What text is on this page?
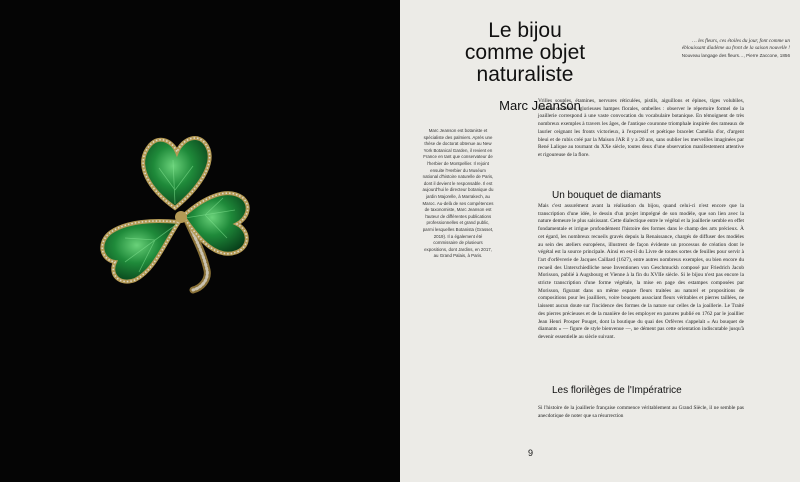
Le bijou comme objet naturaliste
Marc Jeanson
… les fleurs, ces étoiles du jour, font comme un éblouissant diadème au front de la saison nouvelle !
Nouveau langage des fleurs…, Pierre Zaccone, 1856
Marc Jeanson est botaniste et spécialiste des palmiers. Après une thèse de doctorat obtenue au New York Botanical Garden, il revient en France en tant que conservateur de l'herbier de Montpellier. Il rejoint ensuite l'Herbier du Muséum national d'histoire naturelle de Paris, dont il devient le responsable. Il est aujourd'hui le directeur botanique du jardin Majorelle, à Marrakech, au Maroc. Au-delà de ses compétences de taxonomiste, Marc Jeanson est l'auteur de différentes publications professionnelles et grand public, parmi lesquelles Botanista (Grasset, 2019). Il a également été commissaire de plusieurs expositions, dont Jardins, en 2017, au Grand Palais, à Paris.
Vrilles souples, étamines, nervures réticulées, pistils, aiguillons et épines, tiges volubiles, folioles dentelées, glorieuses hampes florales, ombelles : observer le répertoire formel de la joaillerie correspond à une vaste convocation du vocabulaire botanique. En témoignent de très nombreux exemples à travers les âges, de l'antique couronne triomphale inspirée des rameaux de laurier ceignant les fronts victorieux, à l'expressif et poétique bracelet Camélia d'or, d'argent bleui et de rubis créé par la Maison JAR il y a 20 ans, sans oublier les merveilles imaginées par René Lalique au tournant du XXe siècle, toutes deux d'une observation manifestement attentive et rigoureuse de la flore.
Un bouquet de diamants
Mais c'est assurément avant la réalisation du bijou, quand celui-ci n'est encore que la transcription d'une idée, le dessin d'un projet imprégné de son modèle, que son lien avec la nature demeure le plus saisissant. Cette dialectique entre le végétal et la joaillerie semble en effet fondamentale et irrigue profondément l'histoire des formes dans le champ des arts précieux. À cet égard, les nombreux recueils gravés depuis la Renaissance, chargés de diffuser des modèles au sein des ateliers européens, illustrent de façon évidente un processus de création dont le végétal est la source principale. Ainsi en est-il du Livre de toutes sortes de feuilles pour servir à l'art d'orfèvrerie de Jacques Caillard (1627), entre autres nombreux exemples, ou bien encore du recueil des Unterschiedliche neue Inventionen von Geschmuckh composé par Friedrich Jacob Morisson, publié à Augsbourg et Vienne à la fin du XVIIe siècle. Si le bijou n'est pas encore la stricte transcription d'une forme végétale, la mise en page des estampes composées par Morisson, figurant dans un même espace fleurs traitées au naturel et propositions de compositions pour les joailliers, voire bouquets associant fleurs véritables et pierres taillées, ne laissent aucun doute sur l'incidence des formes de la nature sur celles de la joaillerie. Le Traité des pierres précieuses et de la manière de les employer en parures publié en 1762 par le joaillier Jean Henri Prosper Pouget, dont la boutique du quai des Orfèvres s'appelait « Au bouquet de diamants » — figure de style bienvenue —, ne dément pas cette orientation indiscutable jusqu'à devenir essentielle au siècle suivant.
Les florilèges de l'Impératrice
Si l'histoire de la joaillerie française commence véritablement au Grand Siècle, il ne semble pas anecdotique de noter que sa résurrection
9
